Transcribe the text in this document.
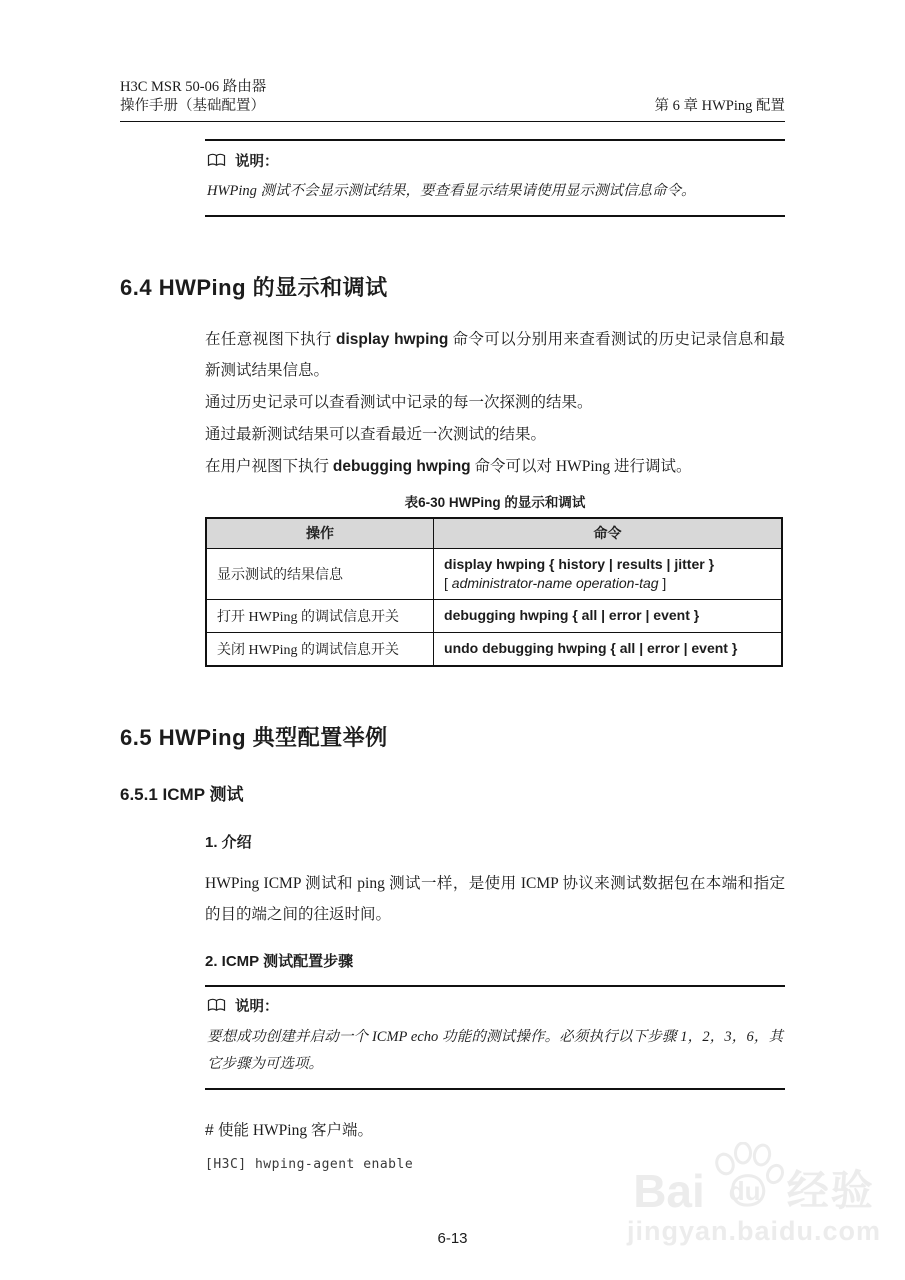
H3C MSR 50-06 路由器
操作手册（基础配置）	第 6 章 HWPing 配置
说明：
HWPing 测试不会显示测试结果，要查看显示结果请使用显示测试信息命令。
6.4 HWPing 的显示和调试

在任意视图下执行 display hwping 命令可以分别用来查看测试的历史记录信息和最新测试结果信息。

通过历史记录可以查看测试中记录的每一次探测的结果。

通过最新测试结果可以查看最近一次测试的结果。

在用户视图下执行 debugging hwping 命令可以对 HWPing 进行调试。

表6-30 HWPing 的显示和调试
操作	命令
显示测试的结果信息	display hwping { history | results | jitter }
[ administrator-name operation-tag ]
打开 HWPing 的调试信息开关	debugging hwping { all | error | event }
关闭 HWPing 的调试信息开关	undo debugging hwping { all | error | event }
6.5 HWPing 典型配置举例
6.5.1 ICMP 测试
1. 介绍

HWPing ICMP 测试和 ping 测试一样，是使用 ICMP 协议来测试数据包在本端和指定的目的端之间的往返时间。

2. ICMP 测试配置步骤
说明：
要想成功创建并启动一个 ICMP echo 功能的测试操作。必须执行以下步骤 1，2，3，6，其它步骤为可选项。
# 使能 HWPing 客户端。
[H3C] hwping-agent enable
6-13
Bai du 经验
jingyan.baidu.com
